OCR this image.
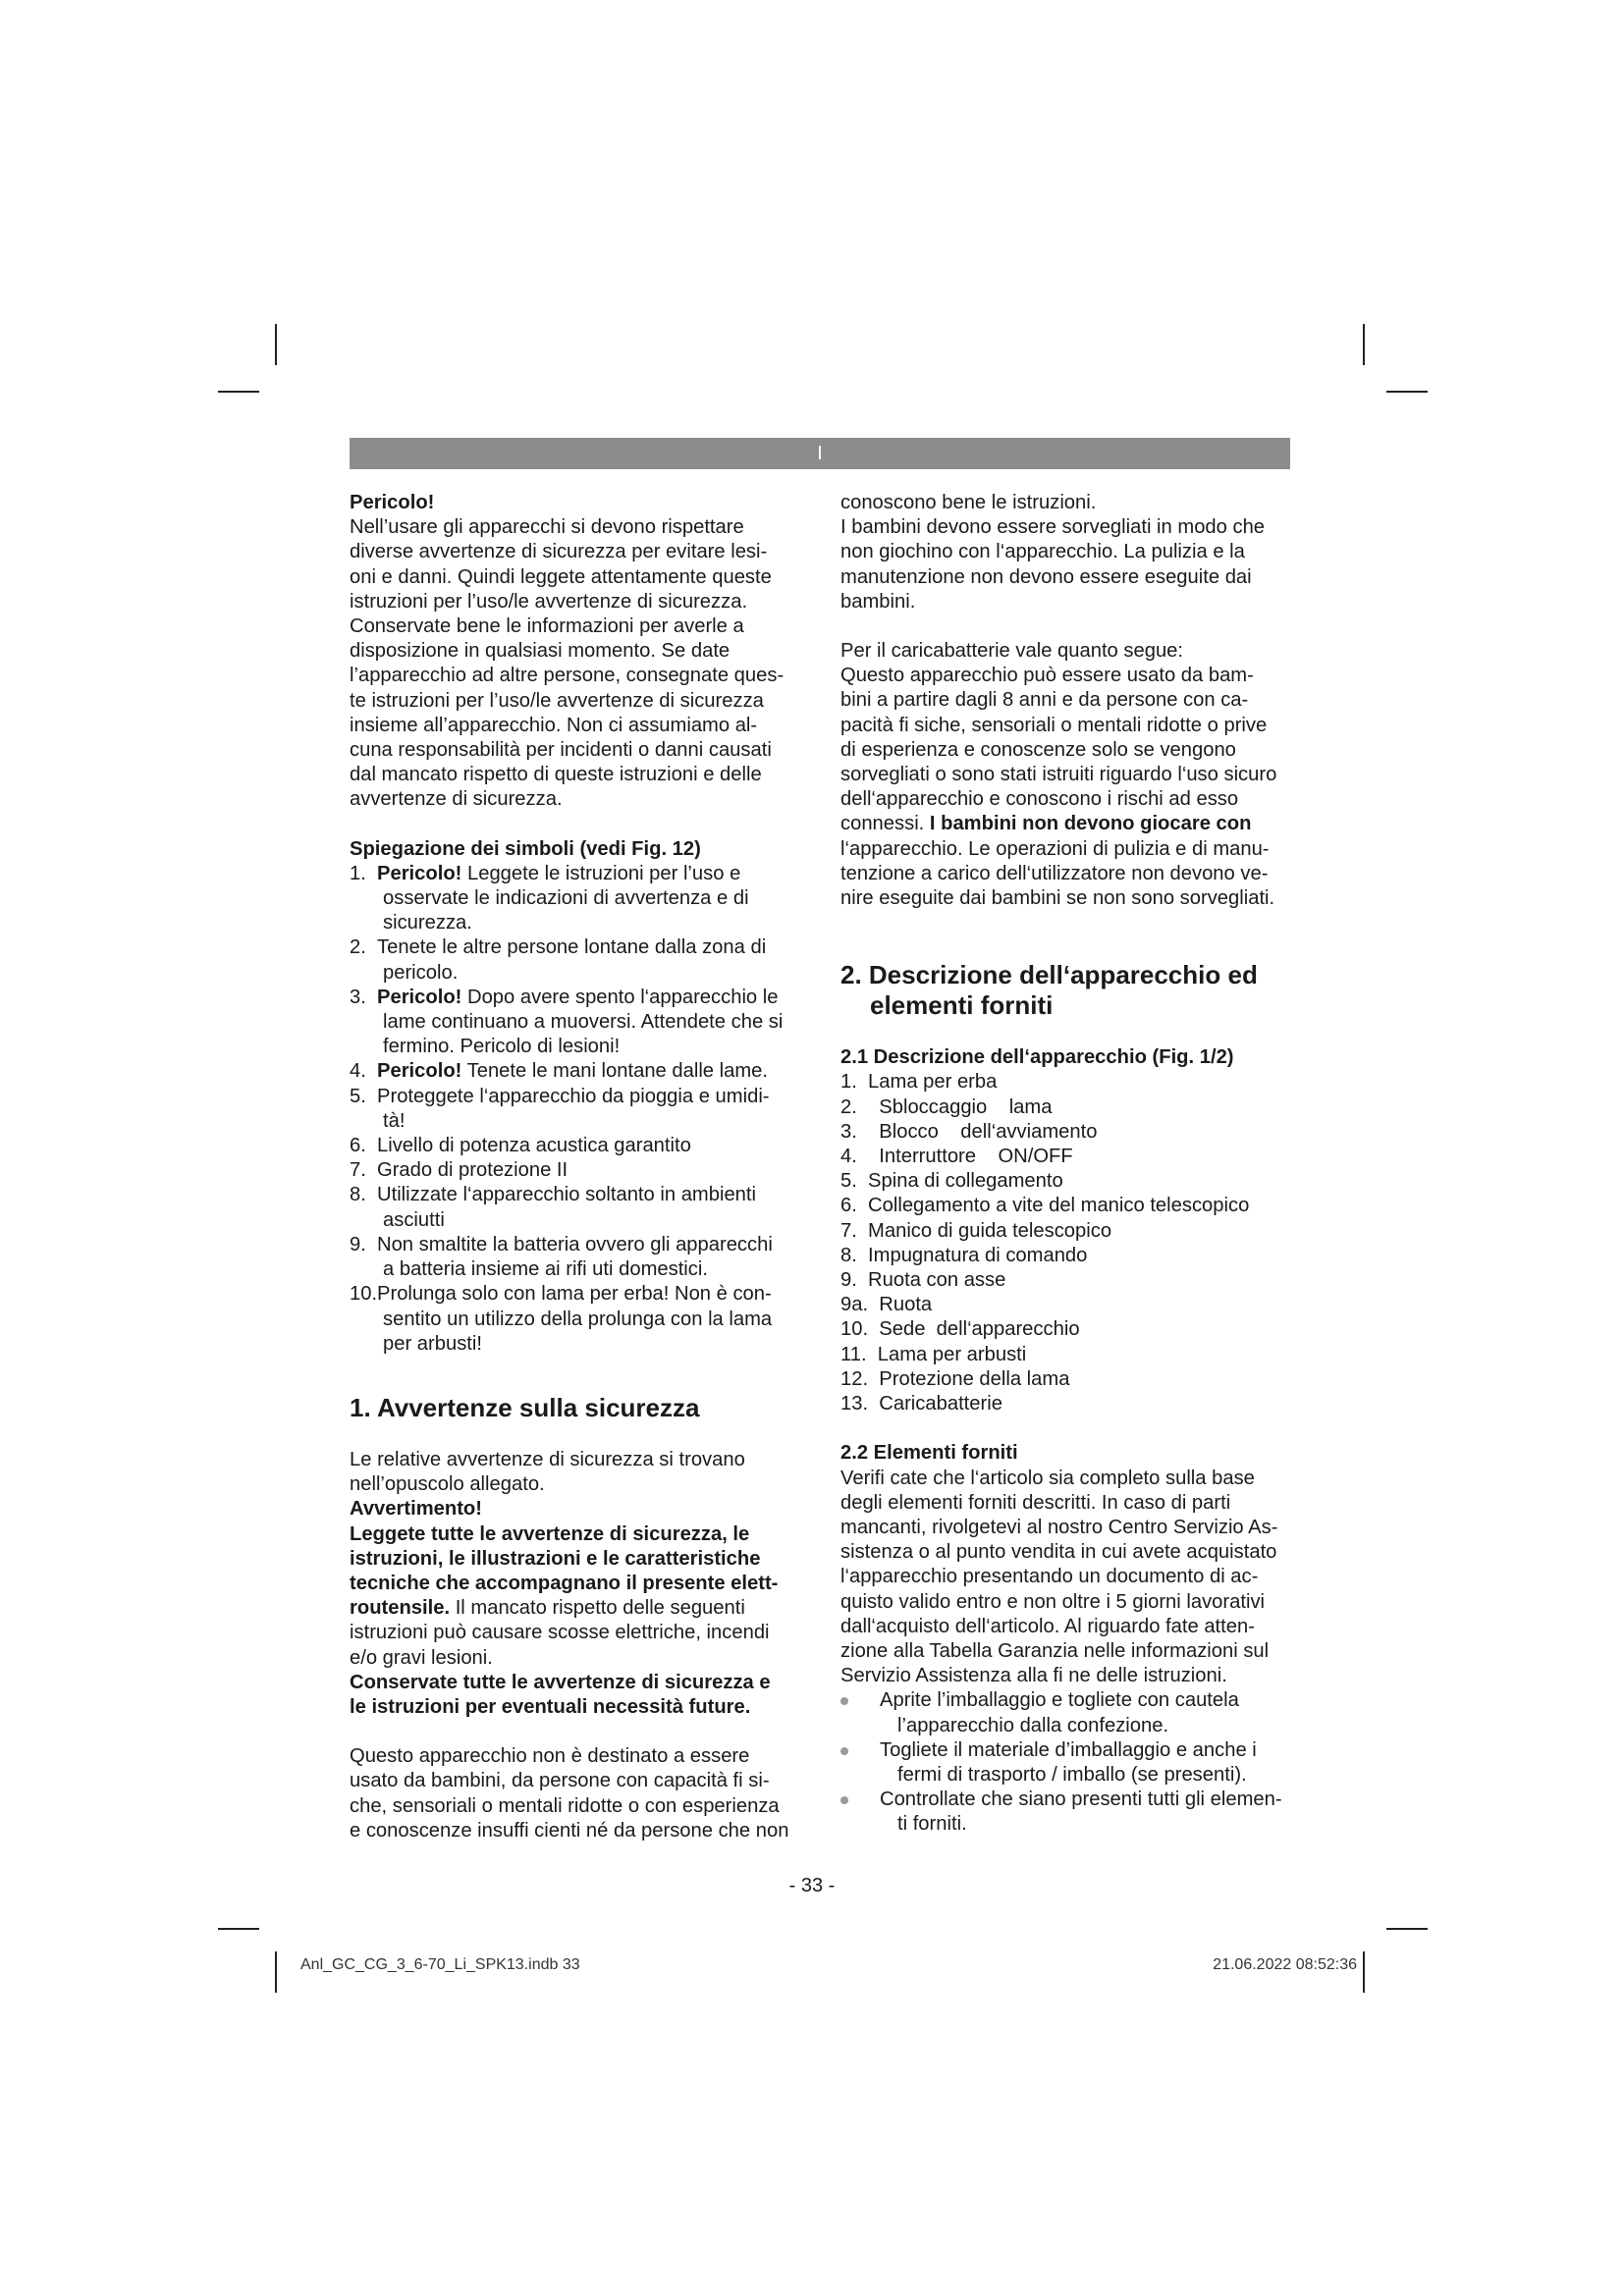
I

Pericolo!

Nell’usare gli apparecchi si devono rispettare
diverse avvertenze di sicurezza per evitare lesi-
oni e danni. Quindi leggete attentamente queste
istruzioni per l’uso/le avvertenze di sicurezza.
Conservate bene le informazioni per averle a
disposizione in qualsiasi momento. Se date
l’apparecchio ad altre persone, consegnate ques-
te istruzioni per l’uso/le avvertenze di sicurezza
insieme all’apparecchio. Non ci assumiamo al-
cuna responsabilità per incidenti o danni causati
dal mancato rispetto di queste istruzioni e delle
avvertenze di sicurezza.

Spiegazione dei simboli (vedi Fig. 12)

1. Pericolo! Leggete le istruzioni per l’uso e
osservate le indicazioni di avvertenza e di
sicurezza.
2. Tenete le altre persone lontane dalla zona di
pericolo.
3. Pericolo! Dopo avere spento l‘apparecchio le
lame continuano a muoversi. Attendete che si
fermino. Pericolo di lesioni!
4. Pericolo! Tenete le mani lontane dalle lame.
5. Proteggete l‘apparecchio da pioggia e umidi-
tà!
6. Livello di potenza acustica garantito
7. Grado di protezione II
8. Utilizzate l‘apparecchio soltanto in ambienti
asciutti
9. Non smaltite la batteria ovvero gli apparecchi
a batteria insieme ai rifi uti domestici.
10.Prolunga solo con lama per erba! Non è con-
sentito un utilizzo della prolunga con la lama
per arbusti!
1. Avvertenze sulla sicurezza
Le relative avvertenze di sicurezza si trovano
nell’opuscolo allegato.

Avvertimento!

Leggete tutte le avvertenze di sicurezza, le
istruzioni, le illustrazioni e le caratteristiche
tecniche che accompagnano il presente elett-
routensile. Il mancato rispetto delle seguenti
istruzioni può causare scosse elettriche, incendi
e/o gravi lesioni.
Conservate tutte le avvertenze di sicurezza e
le istruzioni per eventuali necessità future.
Questo apparecchio non è destinato a essere
usato da bambini, da persone con capacità fi si-
che, sensoriali o mentali ridotte o con esperienza
e conoscenze insuffi cienti né da persone che non
conoscono bene le istruzioni.
I bambini devono essere sorvegliati in modo che
non giochino con l‘apparecchio. La pulizia e la
manutenzione non devono essere eseguite dai
bambini.
Per il caricabatterie vale quanto segue:
Questo apparecchio può essere usato da bam-
bini a partire dagli 8 anni e da persone con ca-
pacità fi siche, sensoriali o mentali ridotte o prive
di esperienza e conoscenze solo se vengono
sorvegliati o sono stati istruiti riguardo l‘uso sicuro
dell‘apparecchio e conoscono i rischi ad esso
connessi. I bambini non devono giocare con
l‘apparecchio. Le operazioni di pulizia e di manu-
tenzione a carico dell‘utilizzatore non devono ve-
nire eseguite dai bambini se non sono sorvegliati.
2. Descrizione dell‘apparecchio ed
elementi forniti

2.1 Descrizione dell‘apparecchio (Fig. 1/2)

1.  Lama per erba
2.    Sbloccaggio    lama
3.    Blocco    dell‘avviamento
4.    Interruttore    ON/OFF
5.  Spina di collegamento
6.  Collegamento a vite del manico telescopico
7.  Manico di guida telescopico
8.  Impugnatura di comando
9.  Ruota con asse
9a.  Ruota
10.  Sede  dell‘apparecchio
11.  Lama per arbusti
12.  Protezione della lama
13.  Caricabatterie

2.2 Elementi forniti

Verifi cate che l‘articolo sia completo sulla base
degli elementi forniti descritti. In caso di parti
mancanti, rivolgetevi al nostro Centro Servizio As-
sistenza o al punto vendita in cui avete acquistato
l‘apparecchio presentando un documento di ac-
quisto valido entro e non oltre i 5 giorni lavorativi
dall‘acquisto dell‘articolo. Al riguardo fate atten-
zione alla Tabella Garanzia nelle informazioni sul
Servizio Assistenza alla fi ne delle istruzioni.
Aprite l’imballaggio e togliete con cautela
l’apparecchio dalla confezione.
Togliete il materiale d’imballaggio e anche i
fermi di trasporto / imballo (se presenti).
Controllate che siano presenti tutti gli elemen-
ti forniti.
- 33 -
Anl_GC_CG_3_6-70_Li_SPK13.indb 33	21.06.2022 08:52:36
